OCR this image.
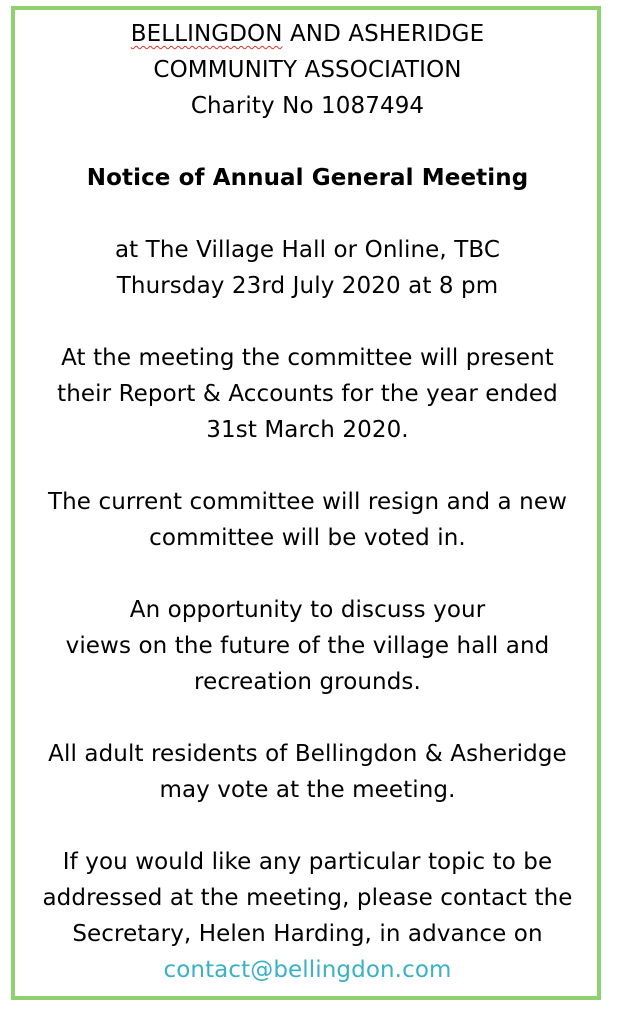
BELLINGDON AND ASHERIDGE
COMMUNITY ASSOCIATION
Charity No 1087494
Notice of Annual General Meeting
at The Village Hall or Online, TBC
Thursday 23rd July 2020 at 8 pm
At the meeting the committee will present
their Report & Accounts for the year ended
31st March 2020.
The current committee will resign and a new
committee will be voted in.
An opportunity to discuss your
views on the future of the village hall and
recreation grounds.
All adult residents of Bellingdon & Asheridge
may vote at the meeting.
If you would like any particular topic to be
addressed at the meeting, please contact the
Secretary, Helen Harding, in advance on
contact@bellingdon.com
